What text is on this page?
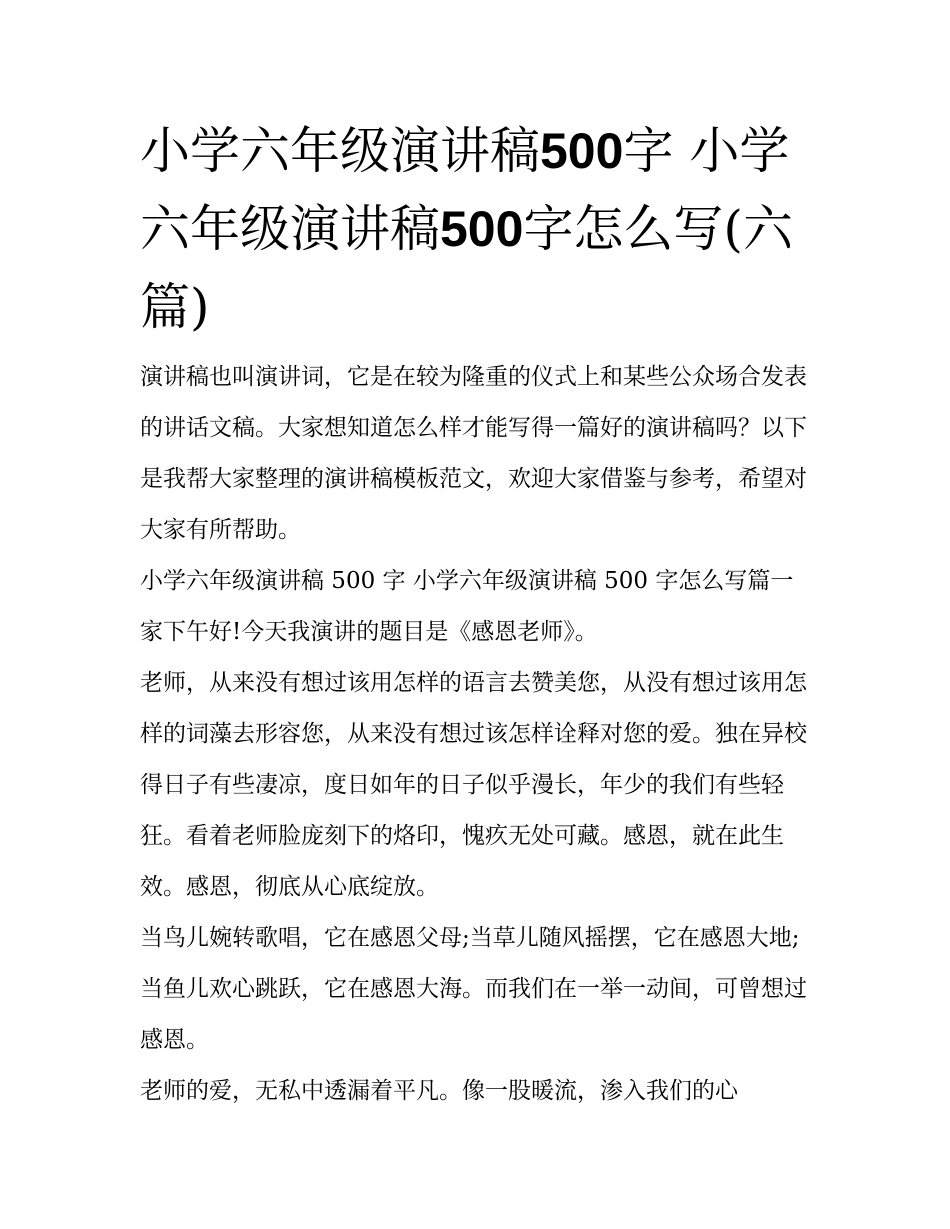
小学六年级演讲稿500字 小学六年级演讲稿500字怎么写(六篇)

演讲稿也叫演讲词，它是在较为隆重的仪式上和某些公众场合发表的讲话文稿。大家想知道怎么样才能写得一篇好的演讲稿吗？以下是我帮大家整理的演讲稿模板范文，欢迎大家借鉴与参考，希望对大家有所帮助。

小学六年级演讲稿 500 字 小学六年级演讲稿 500 字怎么写篇一 家下午好!今天我演讲的题目是《感恩老师》。

老师，从来没有想过该用怎样的语言去赞美您，从没有想过该用怎样的词藻去形容您，从来没有想过该怎样诠释对您的爱。独在异校得日子有些凄凉，度日如年的日子似乎漫长，年少的我们有些轻狂。看着老师脸庞刻下的烙印，愧疚无处可藏。感恩，就在此生效。感恩，彻底从心底绽放。

当鸟儿婉转歌唱，它在感恩父母;当草儿随风摇摆，它在感恩大地;当鱼儿欢心跳跃，它在感恩大海。而我们在一举一动间，可曾想过感恩。

老师的爱，无私中透漏着平凡。像一股暖流，渗入我们的心
